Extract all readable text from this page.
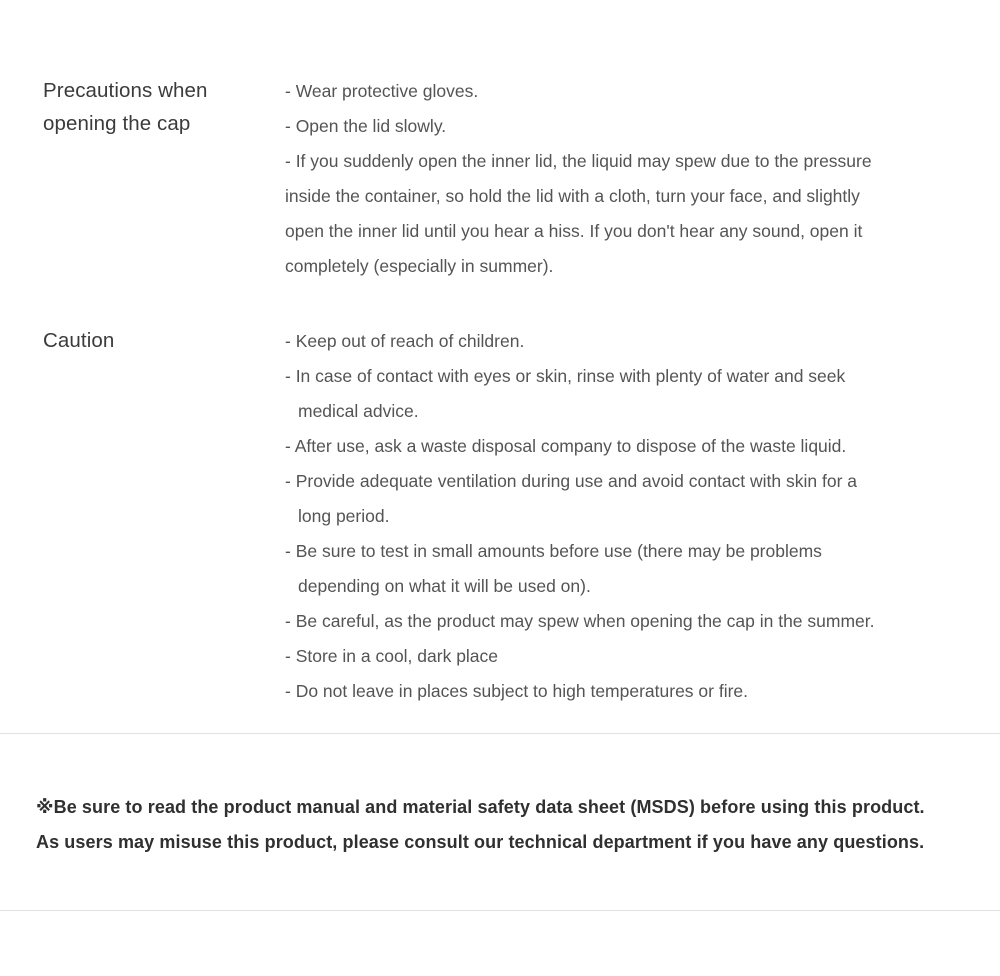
Precautions when opening the cap
- Wear protective gloves.
- Open the lid slowly.
- If you suddenly open the inner lid, the liquid may spew due to the pressure
inside the container, so hold the lid with a cloth, turn your face, and slightly
open the inner lid until you hear a hiss. If you don't hear any sound, open it
completely (especially in summer).
Caution	- Keep out of reach of children.
- In case of contact with eyes or skin, rinse with plenty of water and seek
medical advice.
- After use, ask a waste disposal company to dispose of the waste liquid.
- Provide adequate ventilation during use and avoid contact with skin for a
long period.
- Be sure to test in small amounts before use (there may be problems
depending on what it will be used on).
- Be careful, as the product may spew when opening the cap in the summer.
- Store in a cool, dark place
- Do not leave in places subject to high temperatures or fire.
※Be sure to read the product manual and material safety data sheet (MSDS) before using this product.
As users may misuse this product, please consult our technical department if you have any questions.
